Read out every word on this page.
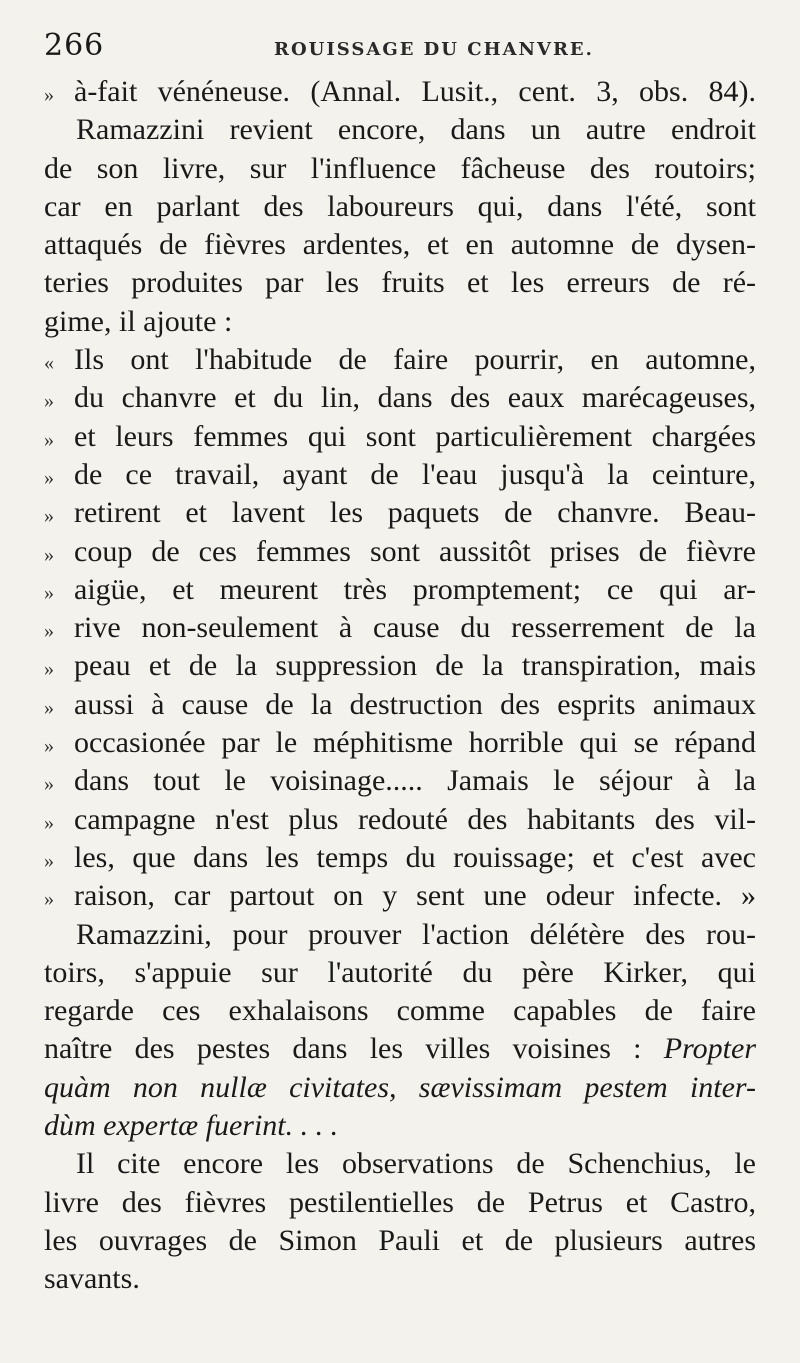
266	ROUISSAGE DU CHANVRE.
» à-fait vénéneuse. (Annal. Lusit., cent. 3, obs. 84).
Ramazzini revient encore, dans un autre endroit
de son livre, sur l'influence fâcheuse des routoirs;
car en parlant des laboureurs qui, dans l'été, sont
attaqués de fièvres ardentes, et en automne de dysen-
teries produites par les fruits et les erreurs de ré-
gime, il ajoute :
« Ils ont l'habitude de faire pourrir, en automne,
» du chanvre et du lin, dans des eaux marécageuses,
» et leurs femmes qui sont particulièrement chargées
» de ce travail, ayant de l'eau jusqu'à la ceinture,
» retirent et lavent les paquets de chanvre. Beau-
» coup de ces femmes sont aussitôt prises de fièvre
» aigüe, et meurent très promptement; ce qui ar-
» rive non-seulement à cause du resserrement de la
» peau et de la suppression de la transpiration, mais
» aussi à cause de la destruction des esprits animaux
» occasionée par le méphitisme horrible qui se répand
» dans tout le voisinage..... Jamais le séjour à la
» campagne n'est plus redouté des habitants des vil-
» les, que dans les temps du rouissage; et c'est avec
» raison, car partout on y sent une odeur infecte. »
Ramazzini, pour prouver l'action délétère des rou-
toirs, s'appuie sur l'autorité du père Kirker, qui
regarde ces exhalaisons comme capables de faire
naître des pestes dans les villes voisines : Propter
quàm non nullæ civitates, sævissimam pestem inter-
dùm expertæ fuerint. . . .
Il cite encore les observations de Schenchius, le
livre des fièvres pestilentielles de Petrus et Castro,
les ouvrages de Simon Pauli et de plusieurs autres
savants.
